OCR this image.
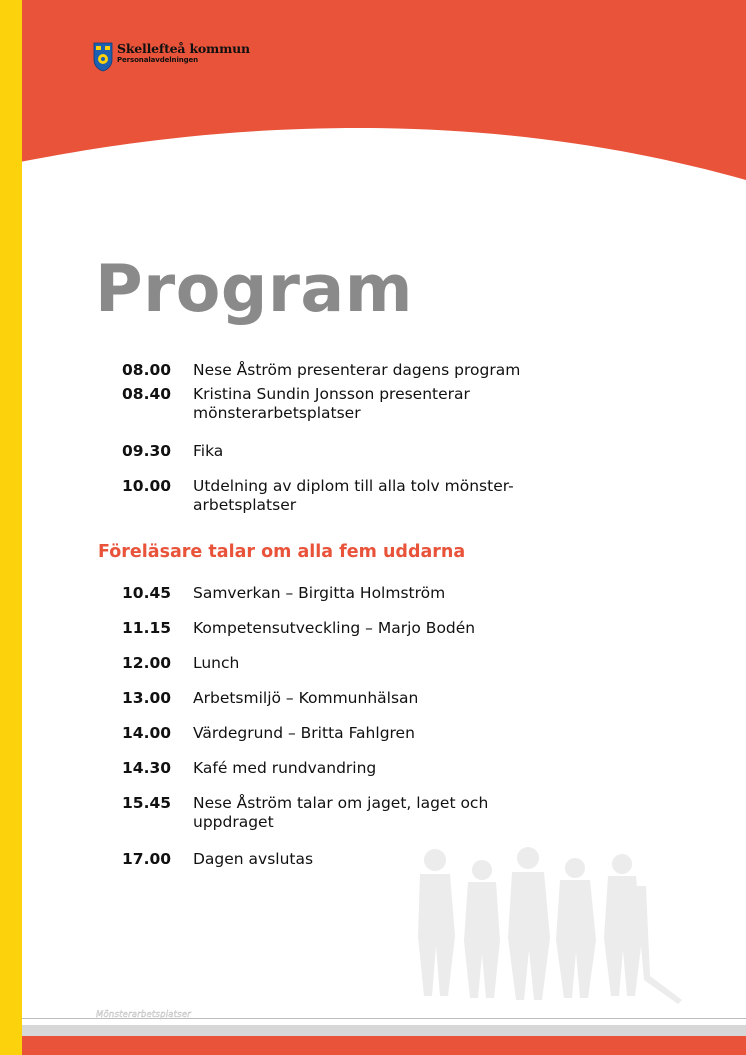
Skellefteå kommun
Personalavdelningen
Program
08.00	Nese Åström presenterar dagens program
08.40	Kristina Sundin Jonsson presenterar mönsterarbetsplatser
09.30	Fika
10.00	Utdelning av diplom till alla tolv mönster-arbetsplatser
Föreläsare talar om alla fem uddarna
10.45	Samverkan – Birgitta Holmström
11.15	Kompetensutveckling – Marjo Bodén
12.00	Lunch
13.00	Arbetsmiljö – Kommunhälsan
14.00	Värdegrund – Britta Fahlgren
14.30	Kafé med rundvandring
15.45	Nese Åström talar om jaget, laget och uppdraget
17.00	Dagen avslutas
Mönsterarbetsplatser
